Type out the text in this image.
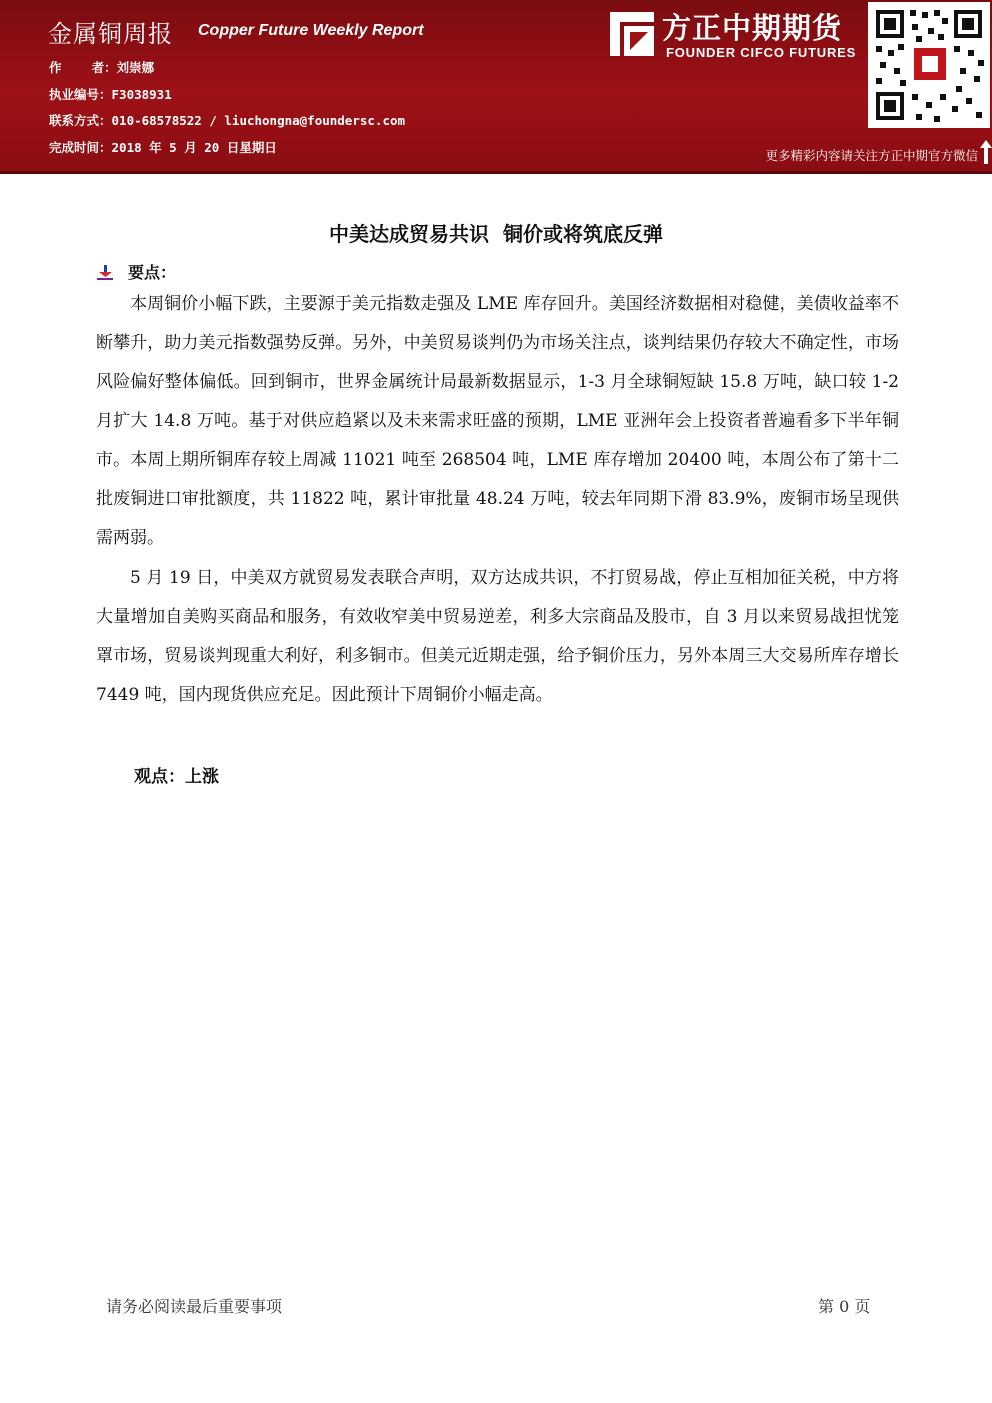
金属铜周报 Copper Future Weekly Report
作    者：刘崇娜
执业编号：F3038931
联系方式：010-68578522 / liuchongna@foundersc.com
完成时间：2018 年 5 月 20 日星期日
方正中期期货
FOUNDER CIFCO FUTURES
更多精彩内容请关注方正中期官方微信
中美达成贸易共识  铜价或将筑底反弹
要点：

本周铜价小幅下跌，主要源于美元指数走强及 LME 库存回升。美国经济数据相对稳健，美债收益率不断攀升，助力美元指数强势反弹。另外，中美贸易谈判仍为市场关注点，谈判结果仍存较大不确定性，市场风险偏好整体偏低。回到铜市，世界金属统计局最新数据显示，1-3 月全球铜短缺 15.8 万吨，缺口较 1-2 月扩大 14.8 万吨。基于对供应趋紧以及未来需求旺盛的预期，LME 亚洲年会上投资者普遍看多下半年铜市。本周上期所铜库存较上周减 11021 吨至 268504 吨，LME 库存增加 20400 吨，本周公布了第十二批废铜进口审批额度，共 11822 吨，累计审批量 48.24 万吨，较去年同期下滑 83.9%，废铜市场呈现供需两弱。

5 月 19 日，中美双方就贸易发表联合声明，双方达成共识，不打贸易战，停止互相加征关税，中方将大量增加自美购买商品和服务，有效收窄美中贸易逆差，利多大宗商品及股市，自 3 月以来贸易战担忧笼罩市场，贸易谈判现重大利好，利多铜市。但美元近期走强，给予铜价压力，另外本周三大交易所库存增长 7449 吨，国内现货供应充足。因此预计下周铜价小幅走高。

观点：上涨
请务必阅读最后重要事项	第 0 页
